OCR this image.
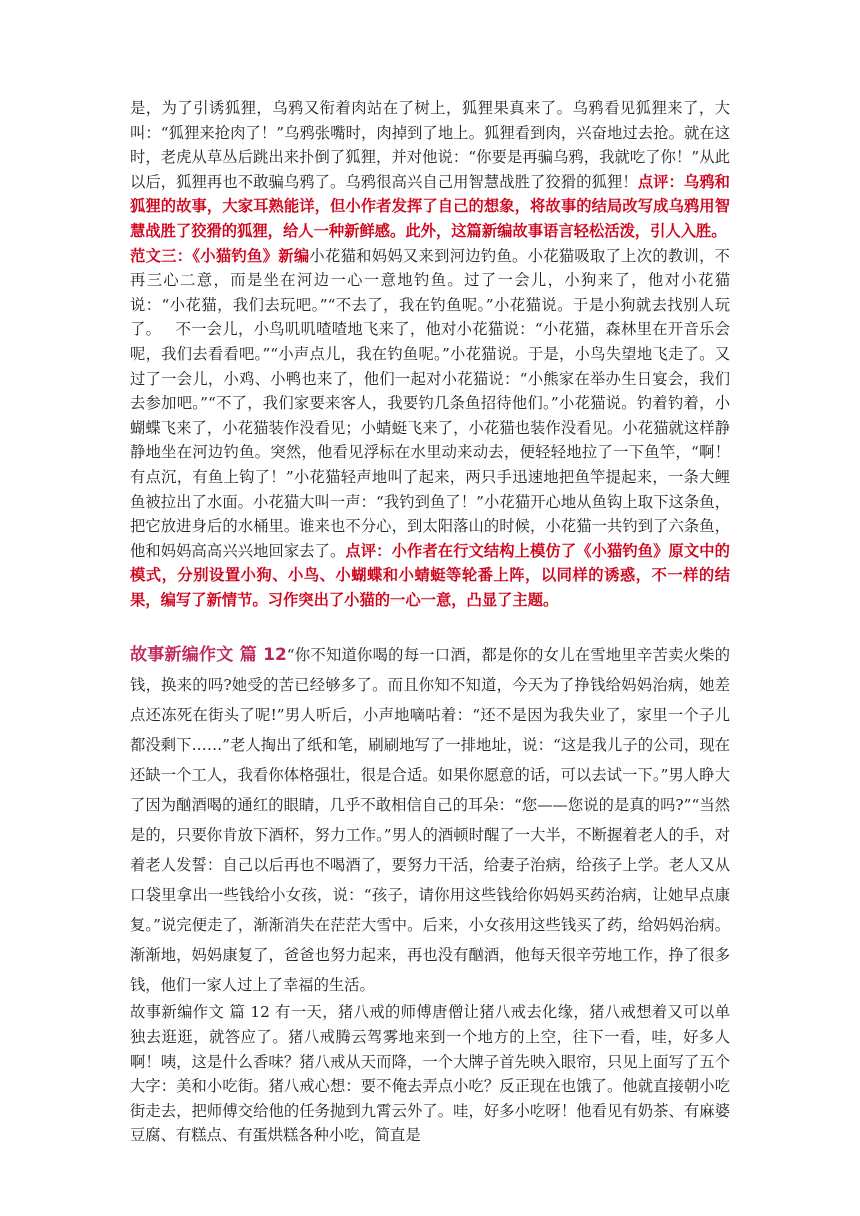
是，为了引诱狐狸，乌鸦又衔着肉站在了树上，狐狸果真来了。乌鸦看见狐狸来了，大叫：“狐狸来抢肉了！”乌鸦张嘴时，肉掉到了地上。狐狸看到肉，兴奋地过去抢。就在这时，老虎从草丛后跳出来扑倒了狐狸，并对他说：“你要是再骗乌鸦，我就吃了你！”从此以后，狐狸再也不敢骗乌鸦了。乌鸦很高兴自己用智慧战胜了狡猾的狐狸！点评：乌鸦和狐狸的故事，大家耳熟能详，但小作者发挥了自己的想象，将故事的结局改写成乌鸦用智慧战胜了狡猾的狐狸，给人一种新鲜感。此外，这篇新编故事语言轻松活泼，引人入胜。

范文三：《小猫钓鱼》新编小花猫和妈妈又来到河边钓鱼。小花猫吸取了上次的教训，不再三心二意，而是坐在河边一心一意地钓鱼。过了一会儿，小狗来了，他对小花猫说：“小花猫，我们去玩吧。”“不去了，我在钓鱼呢。”小花猫说。于是小狗就去找别人玩了。 不一会儿，小鸟叽叽喳喳地飞来了，他对小花猫说：“小花猫，森林里在开音乐会呢，我们去看看吧。”“小声点儿，我在钓鱼呢。”小花猫说。于是，小鸟失望地飞走了。又过了一会儿，小鸡、小鸭也来了，他们一起对小花猫说：“小熊家在举办生日宴会，我们去参加吧。”“不了，我们家要来客人，我要钓几条鱼招待他们。”小花猫说。钓着钓着，小蝴蝶飞来了，小花猫装作没看见；小蜻蜓飞来了，小花猫也装作没看见。小花猫就这样静静地坐在河边钓鱼。突然，他看见浮标在水里动来动去，便轻轻地拉了一下鱼竿，“啊！有点沉，有鱼上钩了！”小花猫轻声地叫了起来，两只手迅速地把鱼竿提起来，一条大鲤鱼被拉出了水面。小花猫大叫一声：“我钓到鱼了！”小花猫开心地从鱼钩上取下这条鱼，把它放进身后的水桶里。谁来也不分心，到太阳落山的时候，小花猫一共钓到了六条鱼，他和妈妈高高兴兴地回家去了。点评：小作者在行文结构上模仿了《小猫钓鱼》原文中的模式，分别设置小狗、小鸟、小蝴蝶和小蜻蜓等轮番上阵，以同样的诱惑，不一样的结果，编写了新情节。习作突出了小猫的一心一意，凸显了主题。

故事新编作文 篇 12“你不知道你喝的每一口酒，都是你的女儿在雪地里辛苦卖火柴的钱，换来的吗?她受的苦已经够多了。而且你知不知道，今天为了挣钱给妈妈治病，她差点还冻死在街头了呢!”男人听后，小声地嘀咕着：“还不是因为我失业了，家里一个子儿都没剩下……”老人掏出了纸和笔，刷刷地写了一排地址，说：“这是我儿子的公司，现在还缺一个工人，我看你体格强壮，很是合适。如果你愿意的话，可以去试一下。”男人睁大了因为酗酒喝的通红的眼睛，几乎不敢相信自己的耳朵：“您——您说的是真的吗?”“当然是的，只要你肯放下酒杯，努力工作。”男人的酒顿时醒了一大半，不断握着老人的手，对着老人发誓：自己以后再也不喝酒了，要努力干活，给妻子治病，给孩子上学。老人又从口袋里拿出一些钱给小女孩，说：“孩子，请你用这些钱给你妈妈买药治病，让她早点康复。”说完便走了，渐渐消失在茫茫大雪中。后来，小女孩用这些钱买了药，给妈妈治病。渐渐地，妈妈康复了，爸爸也努力起来，再也没有酗酒，他每天很辛劳地工作，挣了很多钱，他们一家人过上了幸福的生活。

故事新编作文 篇 12 有一天，猪八戒的师傅唐僧让猪八戒去化缘，猪八戒想着又可以单独去逛逛，就答应了。猪八戒腾云驾雾地来到一个地方的上空，往下一看，哇，好多人啊！咦，这是什么香味？猪八戒从天而降，一个大牌子首先映入眼帘，只见上面写了五个大字：美和小吃街。猪八戒心想：要不俺去弄点小吃？反正现在也饿了。他就直接朝小吃街走去，把师傅交给他的任务抛到九霄云外了。哇，好多小吃呀！他看见有奶茶、有麻婆豆腐、有糕点、有蛋烘糕各种小吃，简直是
